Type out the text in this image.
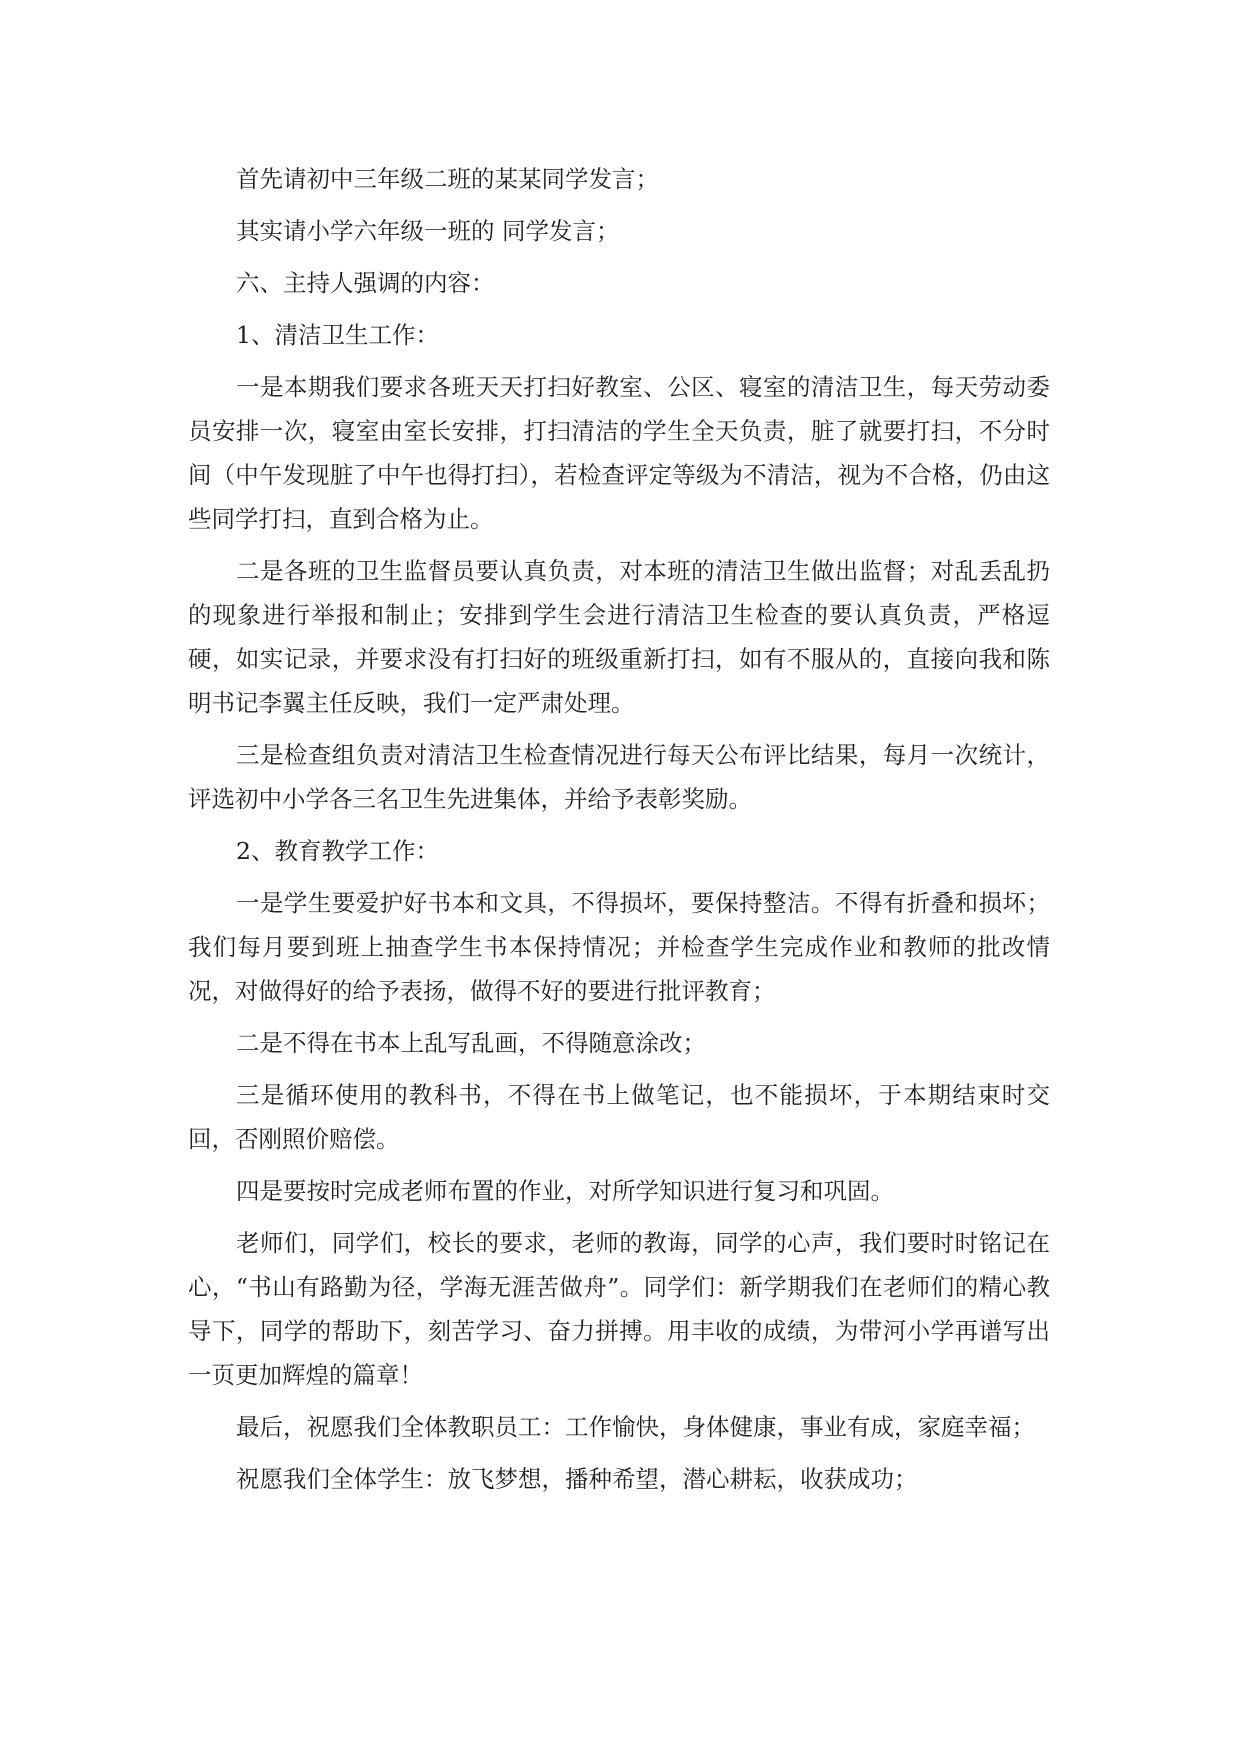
首先请初中三年级二班的某某同学发言；

其实请小学六年级一班的 同学发言；

六、主持人强调的内容：

1、清洁卫生工作：

一是本期我们要求各班天天打扫好教室、公区、寝室的清洁卫生，每天劳动委员安排一次，寝室由室长安排，打扫清洁的学生全天负责，脏了就要打扫，不分时间（中午发现脏了中午也得打扫），若检查评定等级为不清洁，视为不合格，仍由这些同学打扫，直到合格为止。

二是各班的卫生监督员要认真负责，对本班的清洁卫生做出监督；对乱丢乱扔的现象进行举报和制止；安排到学生会进行清洁卫生检查的要认真负责，严格逗硬，如实记录，并要求没有打扫好的班级重新打扫，如有不服从的，直接向我和陈明书记李翼主任反映，我们一定严肃处理。

三是检查组负责对清洁卫生检查情况进行每天公布评比结果，每月一次统计，评选初中小学各三名卫生先进集体，并给予表彰奖励。

2、教育教学工作：

一是学生要爱护好书本和文具，不得损坏，要保持整洁。不得有折叠和损坏；我们每月要到班上抽查学生书本保持情况；并检查学生完成作业和教师的批改情况，对做得好的给予表扬，做得不好的要进行批评教育；

二是不得在书本上乱写乱画，不得随意涂改；

三是循环使用的教科书，不得在书上做笔记，也不能损坏，于本期结束时交回，否刚照价赔偿。

四是要按时完成老师布置的作业，对所学知识进行复习和巩固。

老师们，同学们，校长的要求，老师的教诲，同学的心声，我们要时时铭记在心，“书山有路勤为径，学海无涯苦做舟”。同学们：新学期我们在老师们的精心教导下，同学的帮助下，刻苦学习、奋力拼搏。用丰收的成绩，为带河小学再谱写出一页更加辉煌的篇章！

最后，祝愿我们全体教职员工：工作愉快，身体健康，事业有成，家庭幸福；

祝愿我们全体学生：放飞梦想，播种希望，潜心耕耘，收获成功；
